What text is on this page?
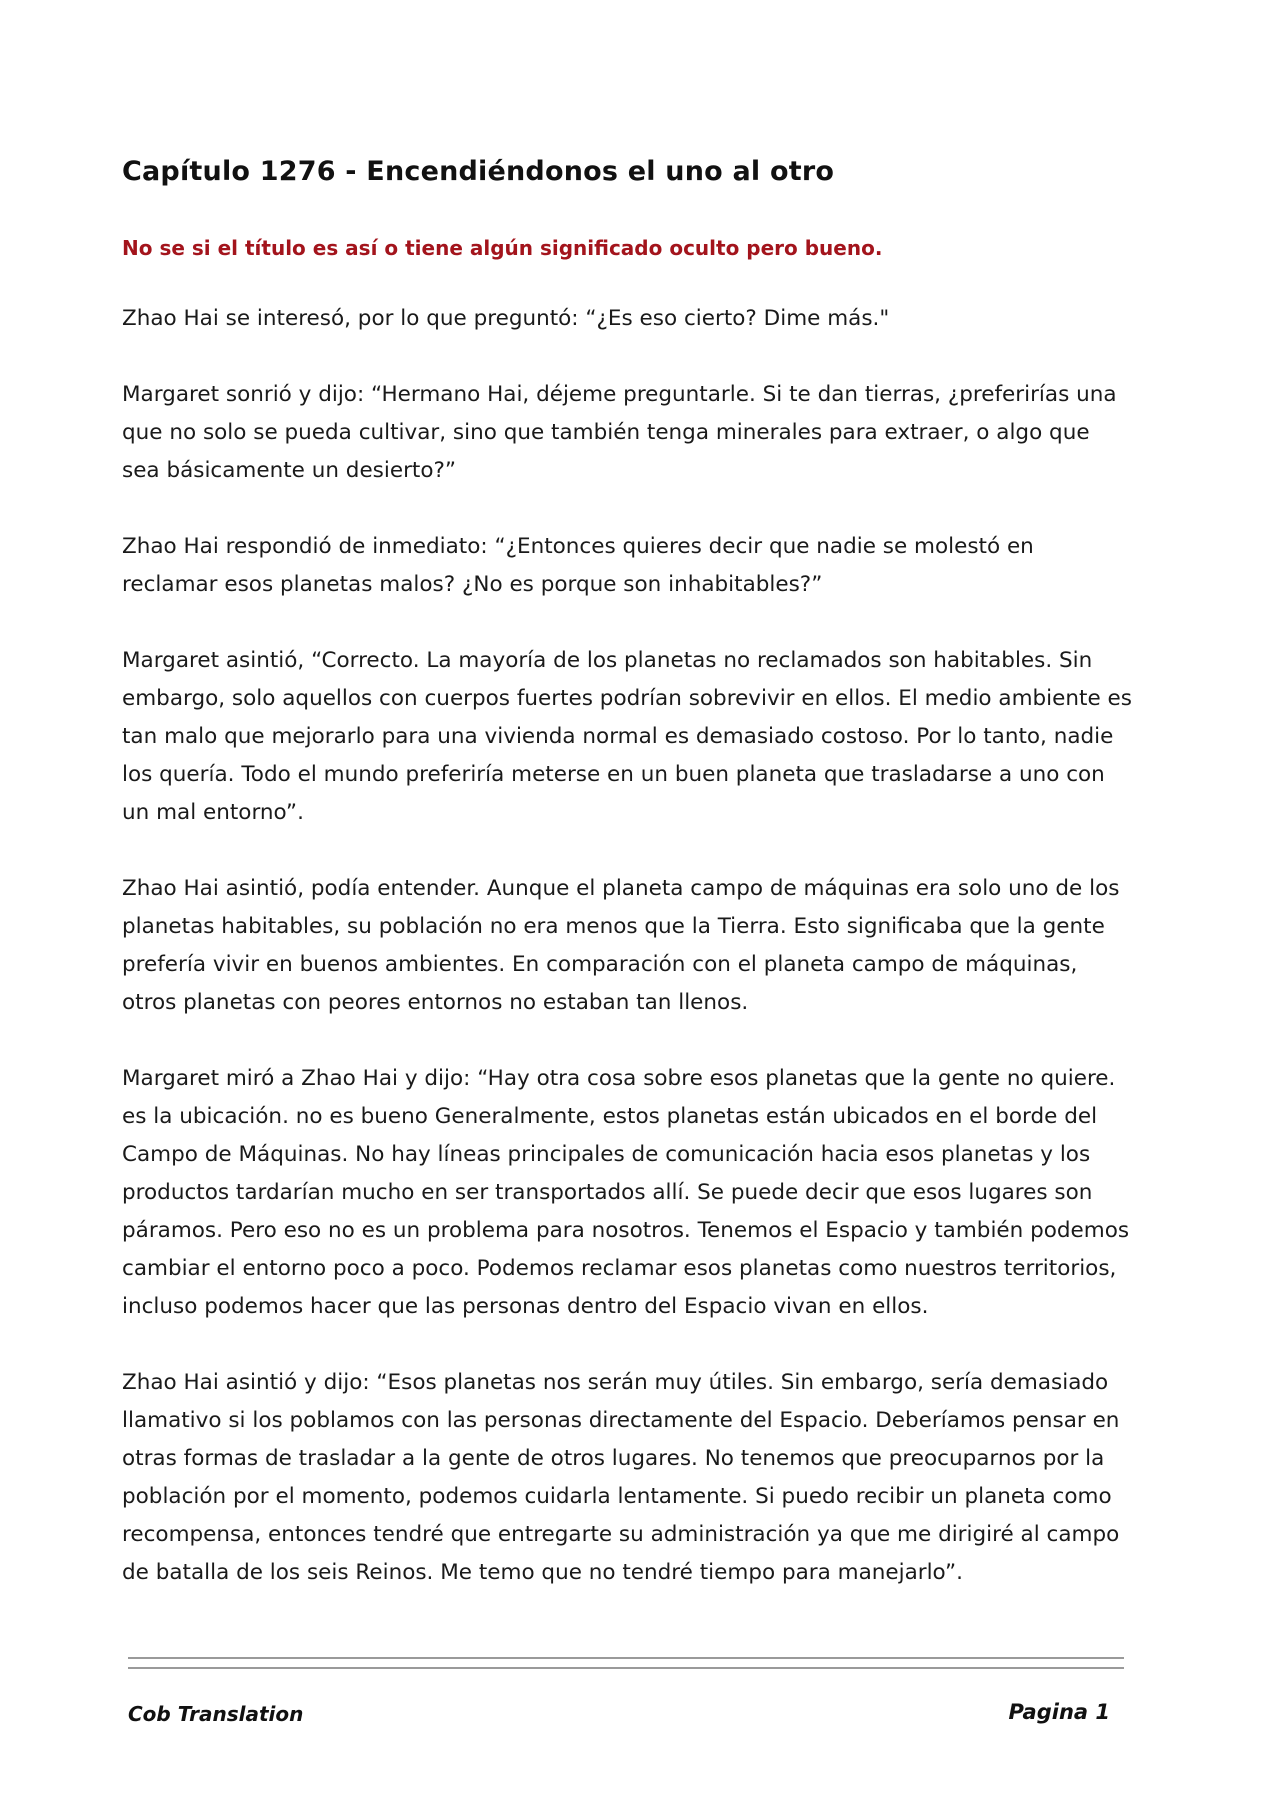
Capítulo 1276 - Encendiéndonos el uno al otro

No se si el título es así o tiene algún significado oculto pero bueno.

Zhao Hai se interesó, por lo que preguntó: “¿Es eso cierto? Dime más."

Margaret sonrió y dijo: “Hermano Hai, déjeme preguntarle. Si te dan tierras, ¿preferirías una que no solo se pueda cultivar, sino que también tenga minerales para extraer, o algo que sea básicamente un desierto?”

Zhao Hai respondió de inmediato: “¿Entonces quieres decir que nadie se molestó en reclamar esos planetas malos? ¿No es porque son inhabitables?”

Margaret asintió, “Correcto. La mayoría de los planetas no reclamados son habitables. Sin embargo, solo aquellos con cuerpos fuertes podrían sobrevivir en ellos. El medio ambiente es tan malo que mejorarlo para una vivienda normal es demasiado costoso. Por lo tanto, nadie los quería. Todo el mundo preferiría meterse en un buen planeta que trasladarse a uno con un mal entorno”.

Zhao Hai asintió, podía entender. Aunque el planeta campo de máquinas era solo uno de los planetas habitables, su población no era menos que la Tierra. Esto significaba que la gente prefería vivir en buenos ambientes. En comparación con el planeta campo de máquinas, otros planetas con peores entornos no estaban tan llenos.

Margaret miró a Zhao Hai y dijo: “Hay otra cosa sobre esos planetas que la gente no quiere. es la ubicación. no es bueno Generalmente, estos planetas están ubicados en el borde del Campo de Máquinas. No hay líneas principales de comunicación hacia esos planetas y los productos tardarían mucho en ser transportados allí. Se puede decir que esos lugares son páramos. Pero eso no es un problema para nosotros. Tenemos el Espacio y también podemos cambiar el entorno poco a poco. Podemos reclamar esos planetas como nuestros territorios, incluso podemos hacer que las personas dentro del Espacio vivan en ellos.

Zhao Hai asintió y dijo: “Esos planetas nos serán muy útiles. Sin embargo, sería demasiado llamativo si los poblamos con las personas directamente del Espacio. Deberíamos pensar en otras formas de trasladar a la gente de otros lugares. No tenemos que preocuparnos por la población por el momento, podemos cuidarla lentamente. Si puedo recibir un planeta como recompensa, entonces tendré que entregarte su administración ya que me dirigiré al campo de batalla de los seis Reinos. Me temo que no tendré tiempo para manejarlo”.

Cob Translation	Pagina 1
